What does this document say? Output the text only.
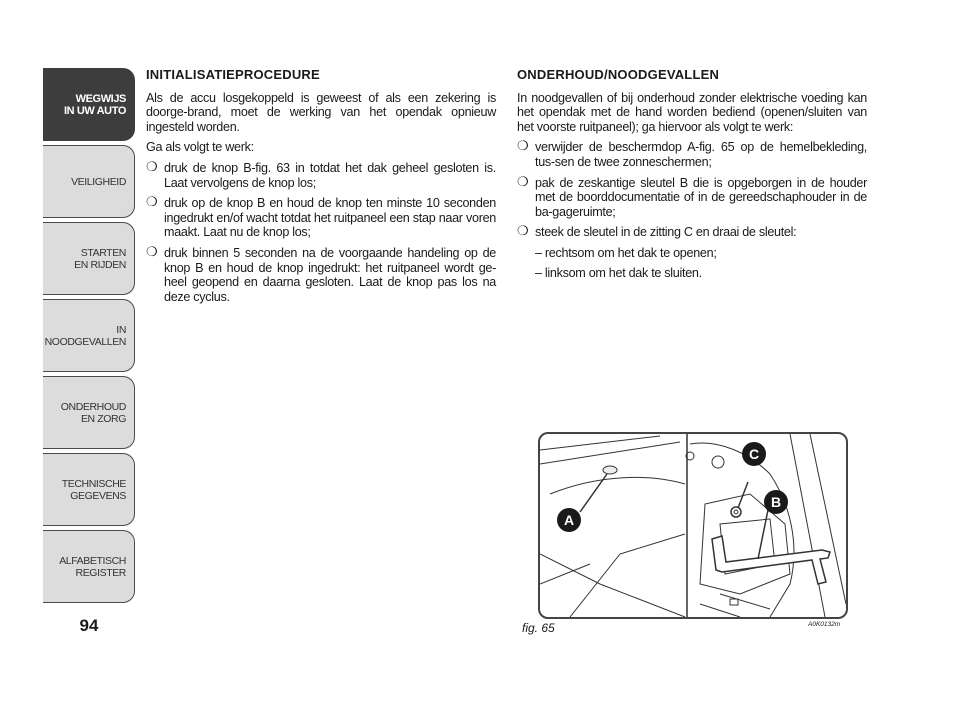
WEGWIJS
IN UW AUTO
VEILIGHEID
STARTEN
EN RIJDEN
IN NOODGEVALLEN
ONDERHOUD
EN ZORG
TECHNISCHE
GEGEVENS
ALFABETISCH
REGISTER
94
INITIALISATIEPROCEDURE

Als de accu losgekoppeld is geweest of als een zekering is doorge-brand, moet de werking van het opendak opnieuw ingesteld worden.

Ga als volgt te werk:

❍ druk de knop B-fig. 63 in totdat het dak geheel gesloten is. Laat vervolgens de knop los;
❍ druk op de knop B en houd de knop ten minste 10 seconden ingedrukt en/of wacht totdat het ruitpaneel een stap naar voren maakt. Laat nu de knop los;
❍ druk binnen 5 seconden na de voorgaande handeling op de knop B en houd de knop ingedrukt: het ruitpaneel wordt ge-heel geopend en daarna gesloten. Laat de knop pas los na deze cyclus.
ONDERHOUD/NOODGEVALLEN

In noodgevallen of bij onderhoud zonder elektrische voeding kan het opendak met de hand worden bediend (openen/sluiten van het voorste ruitpaneel); ga hiervoor als volgt te werk:

❍ verwijder de beschermdop A-fig. 65 op de hemelbekleding, tus-sen de twee zonneschermen;
❍ pak de zeskantige sleutel B die is opgeborgen in de houder met de boorddocumentatie of in de gereedschaphouder in de ba-gageruimte;
❍ steek de sleutel in de zitting C en draai de sleutel:
– rechtsom om het dak te openen;
– linksom om het dak te sluiten.
A
C
B
fig. 65	A0K0132m
